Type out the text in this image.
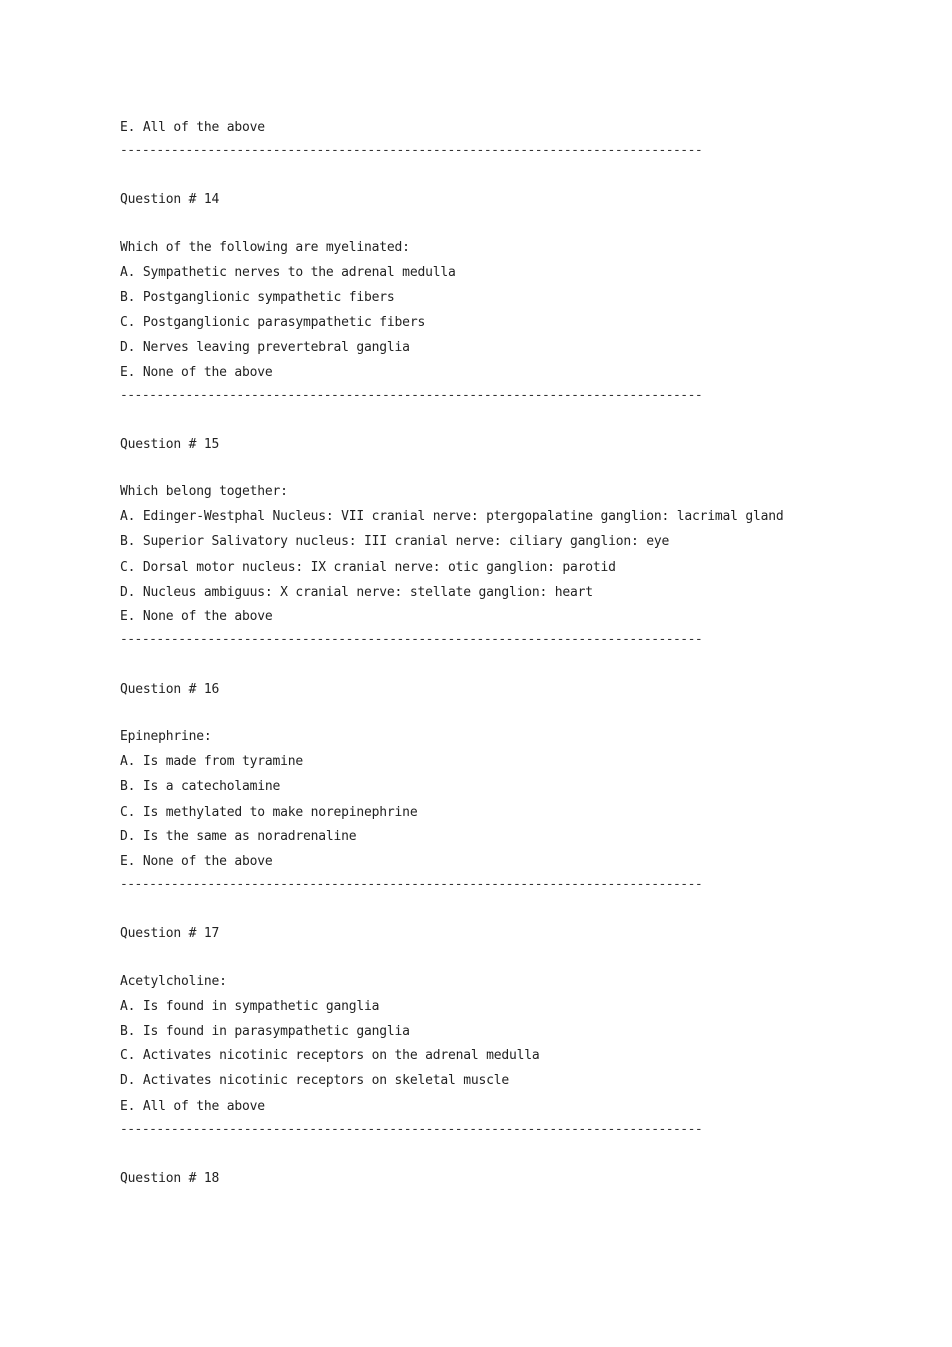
E. All of the above
--------------------------------------------------------------------------------
Question # 14
Which of the following are myelinated:
A. Sympathetic nerves to the adrenal medulla
B. Postganglionic sympathetic fibers
C. Postganglionic parasympathetic fibers
D. Nerves leaving prevertebral ganglia
E. None of the above
--------------------------------------------------------------------------------
Question # 15
Which belong together:
A. Edinger-Westphal Nucleus: VII cranial nerve: ptergopalatine ganglion: lacrimal gland
B. Superior Salivatory nucleus: III cranial nerve: ciliary ganglion: eye
C. Dorsal motor nucleus: IX cranial nerve: otic ganglion: parotid
D. Nucleus ambiguus: X cranial nerve: stellate ganglion: heart
E. None of the above
--------------------------------------------------------------------------------
Question # 16
Epinephrine:
A. Is made from tyramine
B. Is a catecholamine
C. Is methylated to make norepinephrine
D. Is the same as noradrenaline
E. None of the above
--------------------------------------------------------------------------------
Question # 17
Acetylcholine:
A. Is found in sympathetic ganglia
B. Is found in parasympathetic ganglia
C. Activates nicotinic receptors on the adrenal medulla
D. Activates nicotinic receptors on skeletal muscle
E. All of the above
--------------------------------------------------------------------------------
Question # 18
